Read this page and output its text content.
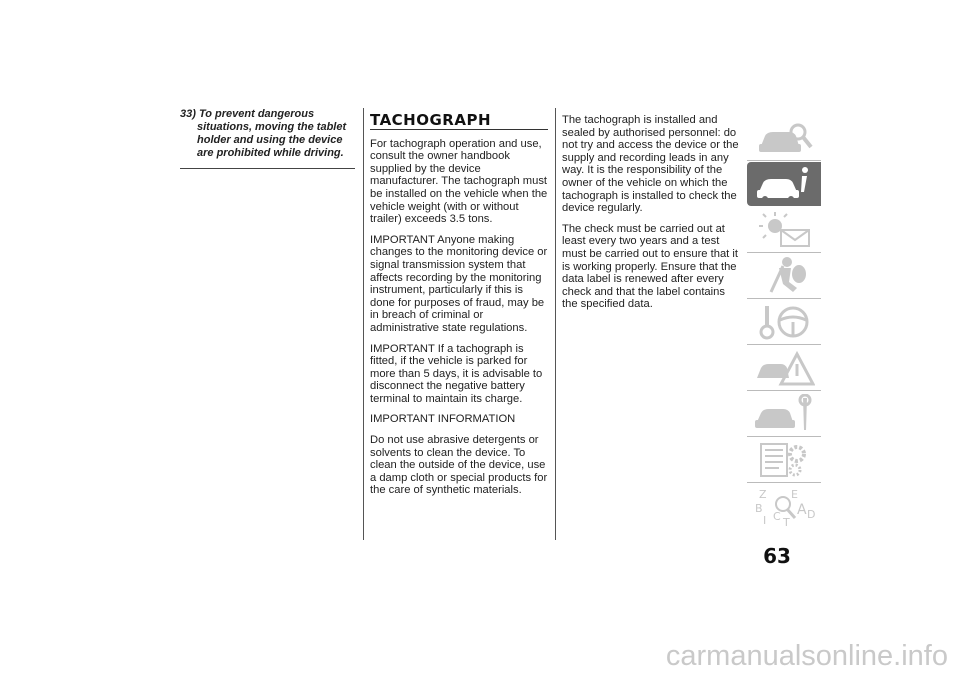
33) To prevent dangerous situations, moving the tablet holder and using the device are prohibited while driving.

TACHOGRAPH

For tachograph operation and use, consult the owner handbook supplied by the device manufacturer. The tachograph must be installed on the vehicle when the vehicle weight (with or without trailer) exceeds 3.5 tons.

IMPORTANT Anyone making changes to the monitoring device or signal transmission system that affects recording by the monitoring instrument, particularly if this is done for purposes of fraud, may be in breach of criminal or administrative state regulations.

IMPORTANT If a tachograph is fitted, if the vehicle is parked for more than 5 days, it is advisable to disconnect the negative battery terminal to maintain its charge.

IMPORTANT INFORMATION

Do not use abrasive detergents or solvents to clean the device. To clean the outside of the device, use a damp cloth or special products for the care of synthetic materials.

The tachograph is installed and sealed by authorised personnel: do not try and access the device or the supply and recording leads in any way. It is the responsibility of the owner of the vehicle on which the tachograph is installed to check the device regularly.

The check must be carried out at least every two years and a test must be carried out to ensure that it is working properly. Ensure that the data label is renewed after every check and that the label contains the specified data.

Z E
B A
I C T
D
63
carmanualsonline.info
